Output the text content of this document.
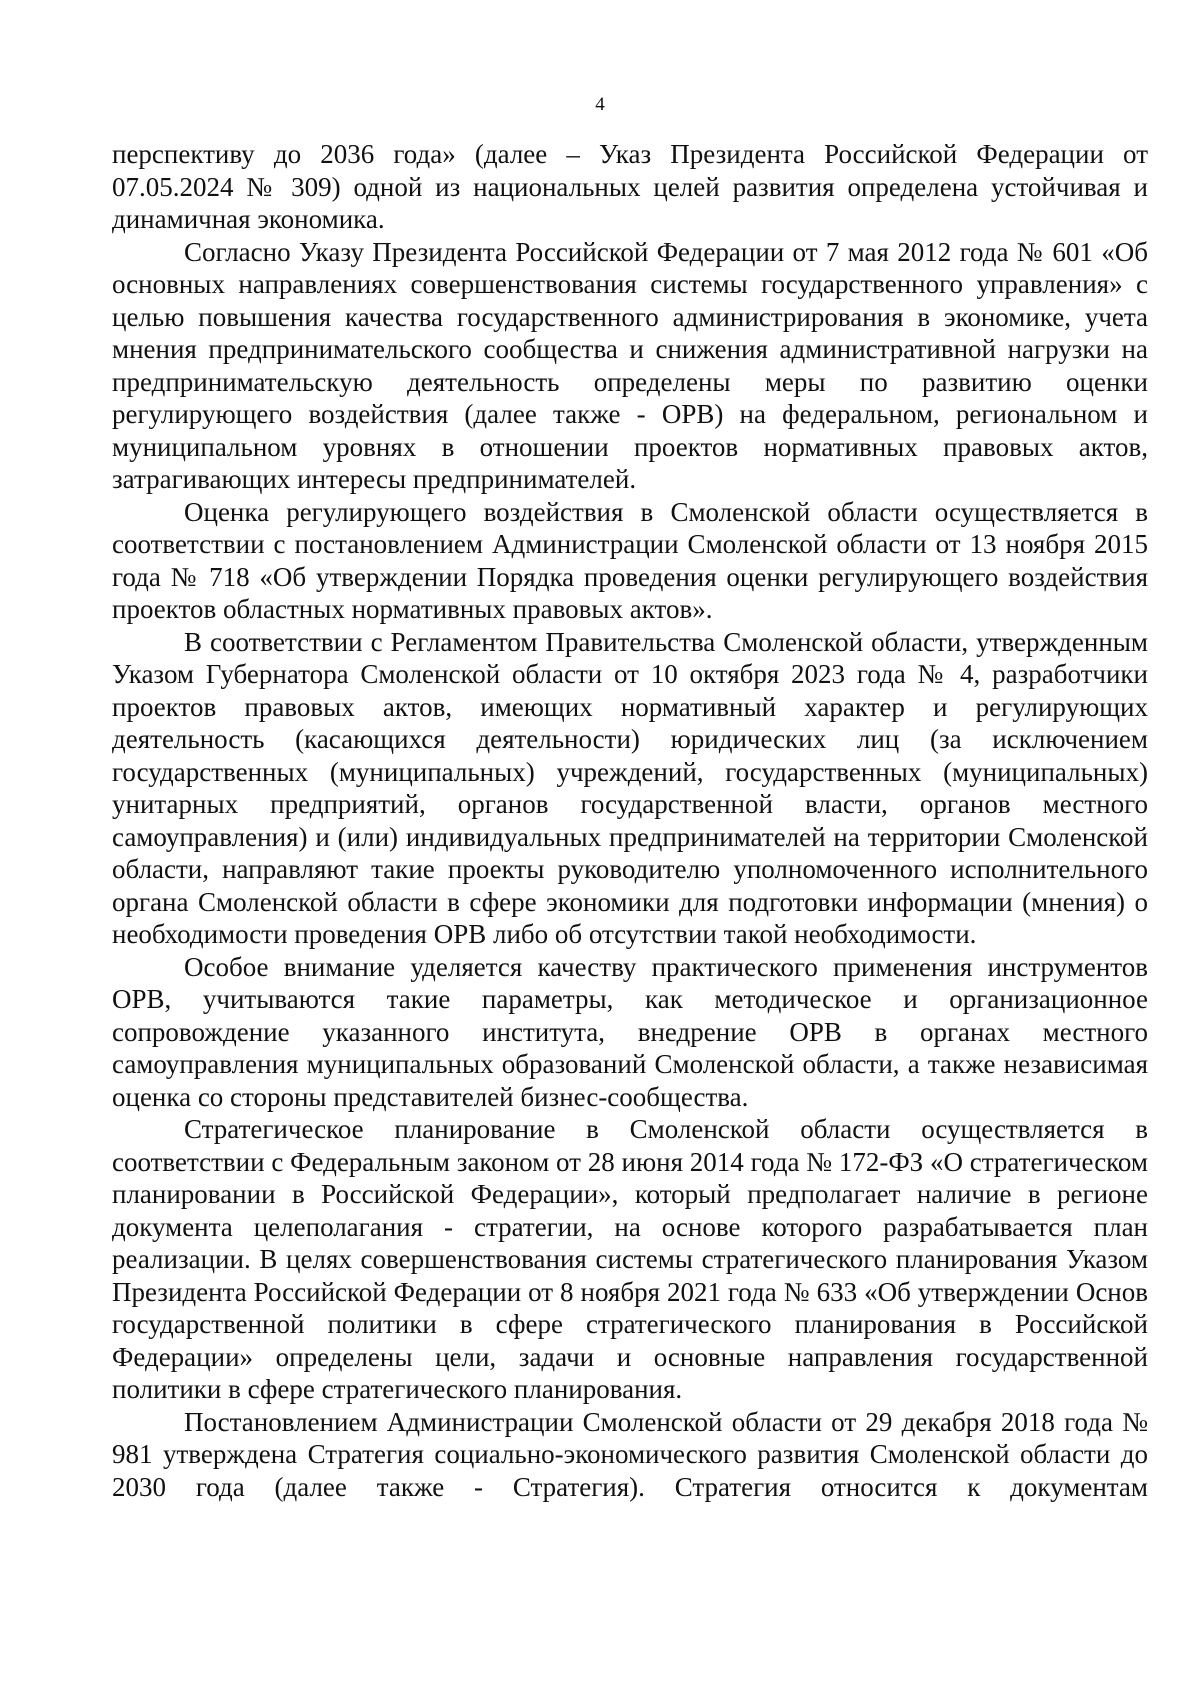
4

перспективу до 2036 года» (далее – Указ Президента Российской Федерации от 07.05.2024 № 309) одной из национальных целей развития определена устойчивая и динамичная экономика.

Согласно Указу Президента Российской Федерации от 7 мая 2012 года № 601 «Об основных направлениях совершенствования системы государственного управления» с целью повышения качества государственного администрирования в экономике, учета мнения предпринимательского сообщества и снижения административной нагрузки на предпринимательскую деятельность определены меры по развитию оценки регулирующего воздействия (далее также - ОРВ) на федеральном, региональном и муниципальном уровнях в отношении проектов нормативных правовых актов, затрагивающих интересы предпринимателей.

Оценка регулирующего воздействия в Смоленской области осуществляется в соответствии с постановлением Администрации Смоленской области от 13 ноября 2015 года № 718 «Об утверждении Порядка проведения оценки регулирующего воздействия проектов областных нормативных правовых актов».

В соответствии с Регламентом Правительства Смоленской области, утвержденным Указом Губернатора Смоленской области от 10 октября 2023 года № 4, разработчики проектов правовых актов, имеющих нормативный характер и регулирующих деятельность (касающихся деятельности) юридических лиц (за исключением государственных (муниципальных) учреждений, государственных (муниципальных) унитарных предприятий, органов государственной власти, органов местного самоуправления) и (или) индивидуальных предпринимателей на территории Смоленской области, направляют такие проекты руководителю уполномоченного исполнительного органа Смоленской области в сфере экономики для подготовки информации (мнения) о необходимости проведения ОРВ либо об отсутствии такой необходимости.

Особое внимание уделяется качеству практического применения инструментов ОРВ, учитываются такие параметры, как методическое и организационное сопровождение указанного института, внедрение ОРВ в органах местного самоуправления муниципальных образований Смоленской области, а также независимая оценка со стороны представителей бизнес-сообщества.

Стратегическое планирование в Смоленской области осуществляется в соответствии с Федеральным законом от 28 июня 2014 года № 172-ФЗ «О стратегическом планировании в Российской Федерации», который предполагает наличие в регионе документа целеполагания - стратегии, на основе которого разрабатывается план реализации. В целях совершенствования системы стратегического планирования Указом Президента Российской Федерации от 8 ноября 2021 года № 633 «Об утверждении Основ государственной политики в сфере стратегического планирования в Российской Федерации» определены цели, задачи и основные направления государственной политики в сфере стратегического планирования.

Постановлением Администрации Смоленской области от 29 декабря 2018 года № 981 утверждена Стратегия социально-экономического развития Смоленской области до 2030 года (далее также - Стратегия). Стратегия относится к документам
